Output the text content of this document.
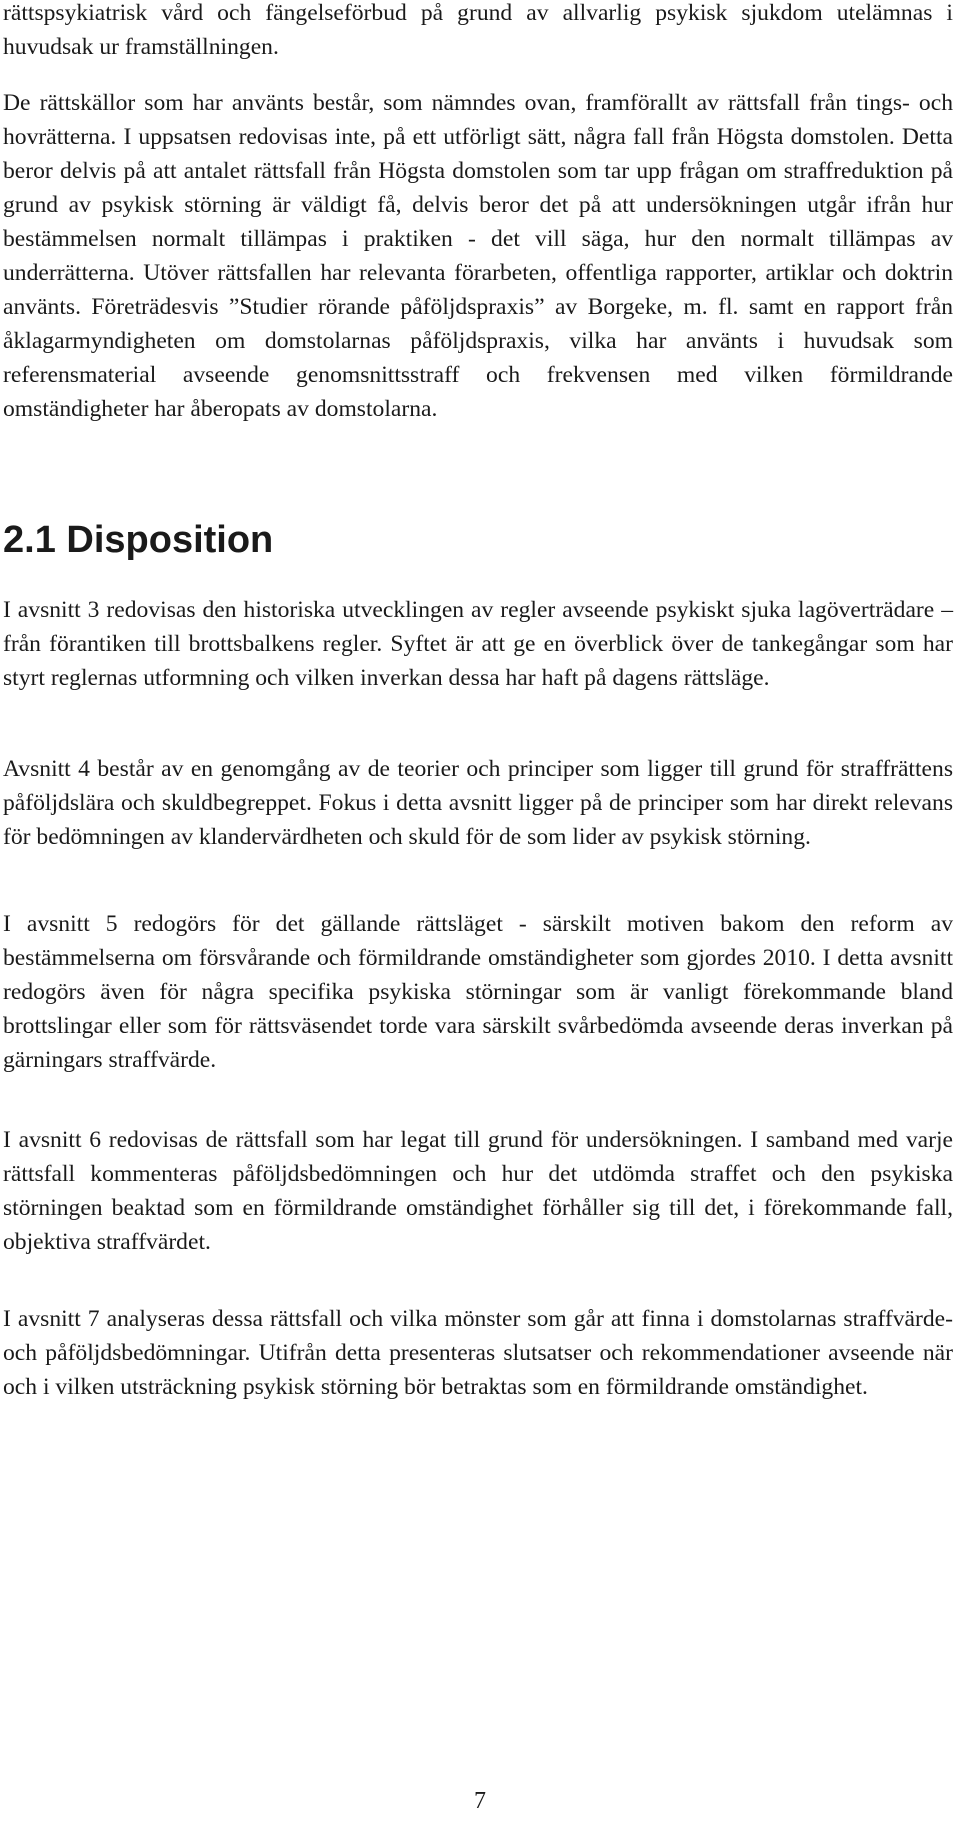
rättspsykiatrisk vård och fängelseförbud på grund av allvarlig psykisk sjukdom utelämnas i huvudsak ur framställningen.

De rättskällor som har använts består, som nämndes ovan, framförallt av rättsfall från tings- och hovrätterna. I uppsatsen redovisas inte, på ett utförligt sätt, några fall från Högsta domstolen. Detta beror delvis på att antalet rättsfall från Högsta domstolen som tar upp frågan om straffreduktion på grund av psykisk störning är väldigt få, delvis beror det på att undersökningen utgår ifrån hur bestämmelsen normalt tillämpas i praktiken - det vill säga, hur den normalt tillämpas av underrätterna. Utöver rättsfallen har relevanta förarbeten, offentliga rapporter, artiklar och doktrin använts. Företrädesvis ”Studier rörande påföljdspraxis” av Borgeke, m. fl. samt en rapport från åklagarmyndigheten om domstolarnas påföljdspraxis, vilka har använts i huvudsak som referensmaterial avseende genomsnittsstraff och frekvensen med vilken förmildrande omständigheter har åberopats av domstolarna.

2.1 Disposition

I avsnitt 3 redovisas den historiska utvecklingen av regler avseende psykiskt sjuka lagöverträdare – från förantiken till brottsbalkens regler. Syftet är att ge en överblick över de tankegångar som har styrt reglernas utformning och vilken inverkan dessa har haft på dagens rättsläge.

Avsnitt 4 består av en genomgång av de teorier och principer som ligger till grund för straffrättens påföljdslära och skuldbegreppet. Fokus i detta avsnitt ligger på de principer som har direkt relevans för bedömningen av klandervärdheten och skuld för de som lider av psykisk störning.

I avsnitt 5 redogörs för det gällande rättsläget - särskilt motiven bakom den reform av bestämmelserna om försvårande och förmildrande omständigheter som gjordes 2010. I detta avsnitt redogörs även för några specifika psykiska störningar som är vanligt förekommande bland brottslingar eller som för rättsväsendet torde vara särskilt svårbedömda avseende deras inverkan på gärningars straffvärde.

I avsnitt 6 redovisas de rättsfall som har legat till grund för undersökningen. I samband med varje rättsfall kommenteras påföljdsbedömningen och hur det utdömda straffet och den psykiska störningen beaktad som en förmildrande omständighet förhåller sig till det, i förekommande fall, objektiva straffvärdet.

I avsnitt 7 analyseras dessa rättsfall och vilka mönster som går att finna i domstolarnas straffvärde- och påföljdsbedömningar. Utifrån detta presenteras slutsatser och rekommendationer avseende när och i vilken utsträckning psykisk störning bör betraktas som en förmildrande omständighet.

7
